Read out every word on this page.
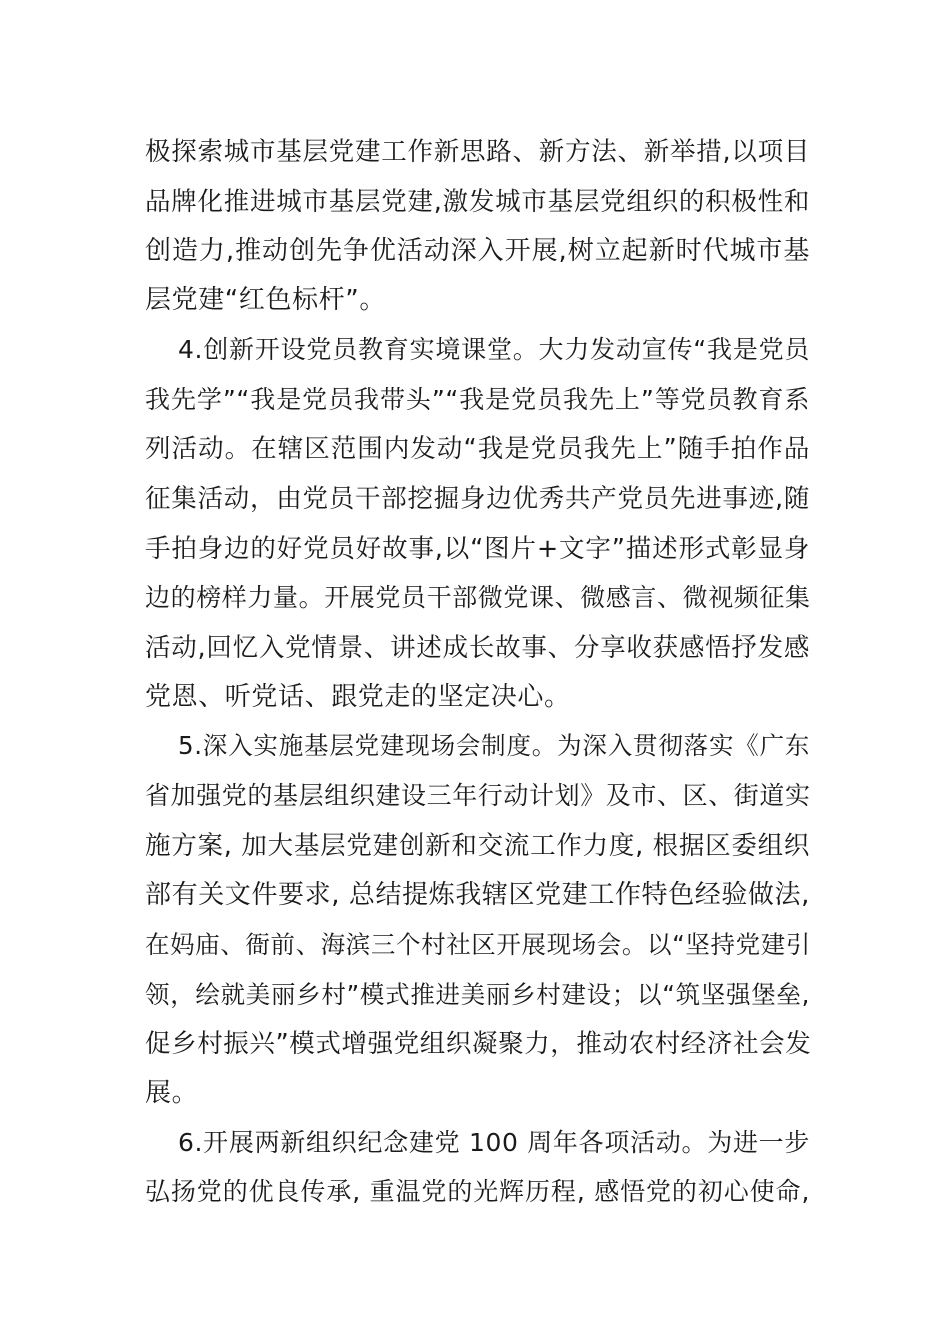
极探索城市基层党建工作新思路、新方法、新举措,以项目
品牌化推进城市基层党建,激发城市基层党组织的积极性和
创造力,推动创先争优活动深入开展,树立起新时代城市基
层党建“红色标杆”。
4.创新开设党员教育实境课堂。大力发动宣传“我是党员
我先学”“我是党员我带头”“我是党员我先上”等党员教育系
列活动。在辖区范围内发动“我是党员我先上”随手拍作品
征集活动，由党员干部挖掘身边优秀共产党员先进事迹,随
手拍身边的好党员好故事,以“图片+文字”描述形式彰显身
边的榜样力量。开展党员干部微党课、微感言、微视频征集
活动,回忆入党情景、讲述成长故事、分享收获感悟抒发感
党恩、听党话、跟党走的坚定决心。
5.深入实施基层党建现场会制度。为深入贯彻落实《广东
省加强党的基层组织建设三年行动计划》及市、区、街道实
施方案, 加大基层党建创新和交流工作力度, 根据区委组织
部有关文件要求, 总结提炼我辖区党建工作特色经验做法,
在妈庙、衙前、海滨三个村社区开展现场会。以“坚持党建引
领，绘就美丽乡村”模式推进美丽乡村建设；以“筑坚强堡垒,
促乡村振兴”模式增强党组织凝聚力，推动农村经济社会发
展。
6.开展两新组织纪念建党 100 周年各项活动。为进一步
弘扬党的优良传承, 重温党的光辉历程, 感悟党的初心使命,
